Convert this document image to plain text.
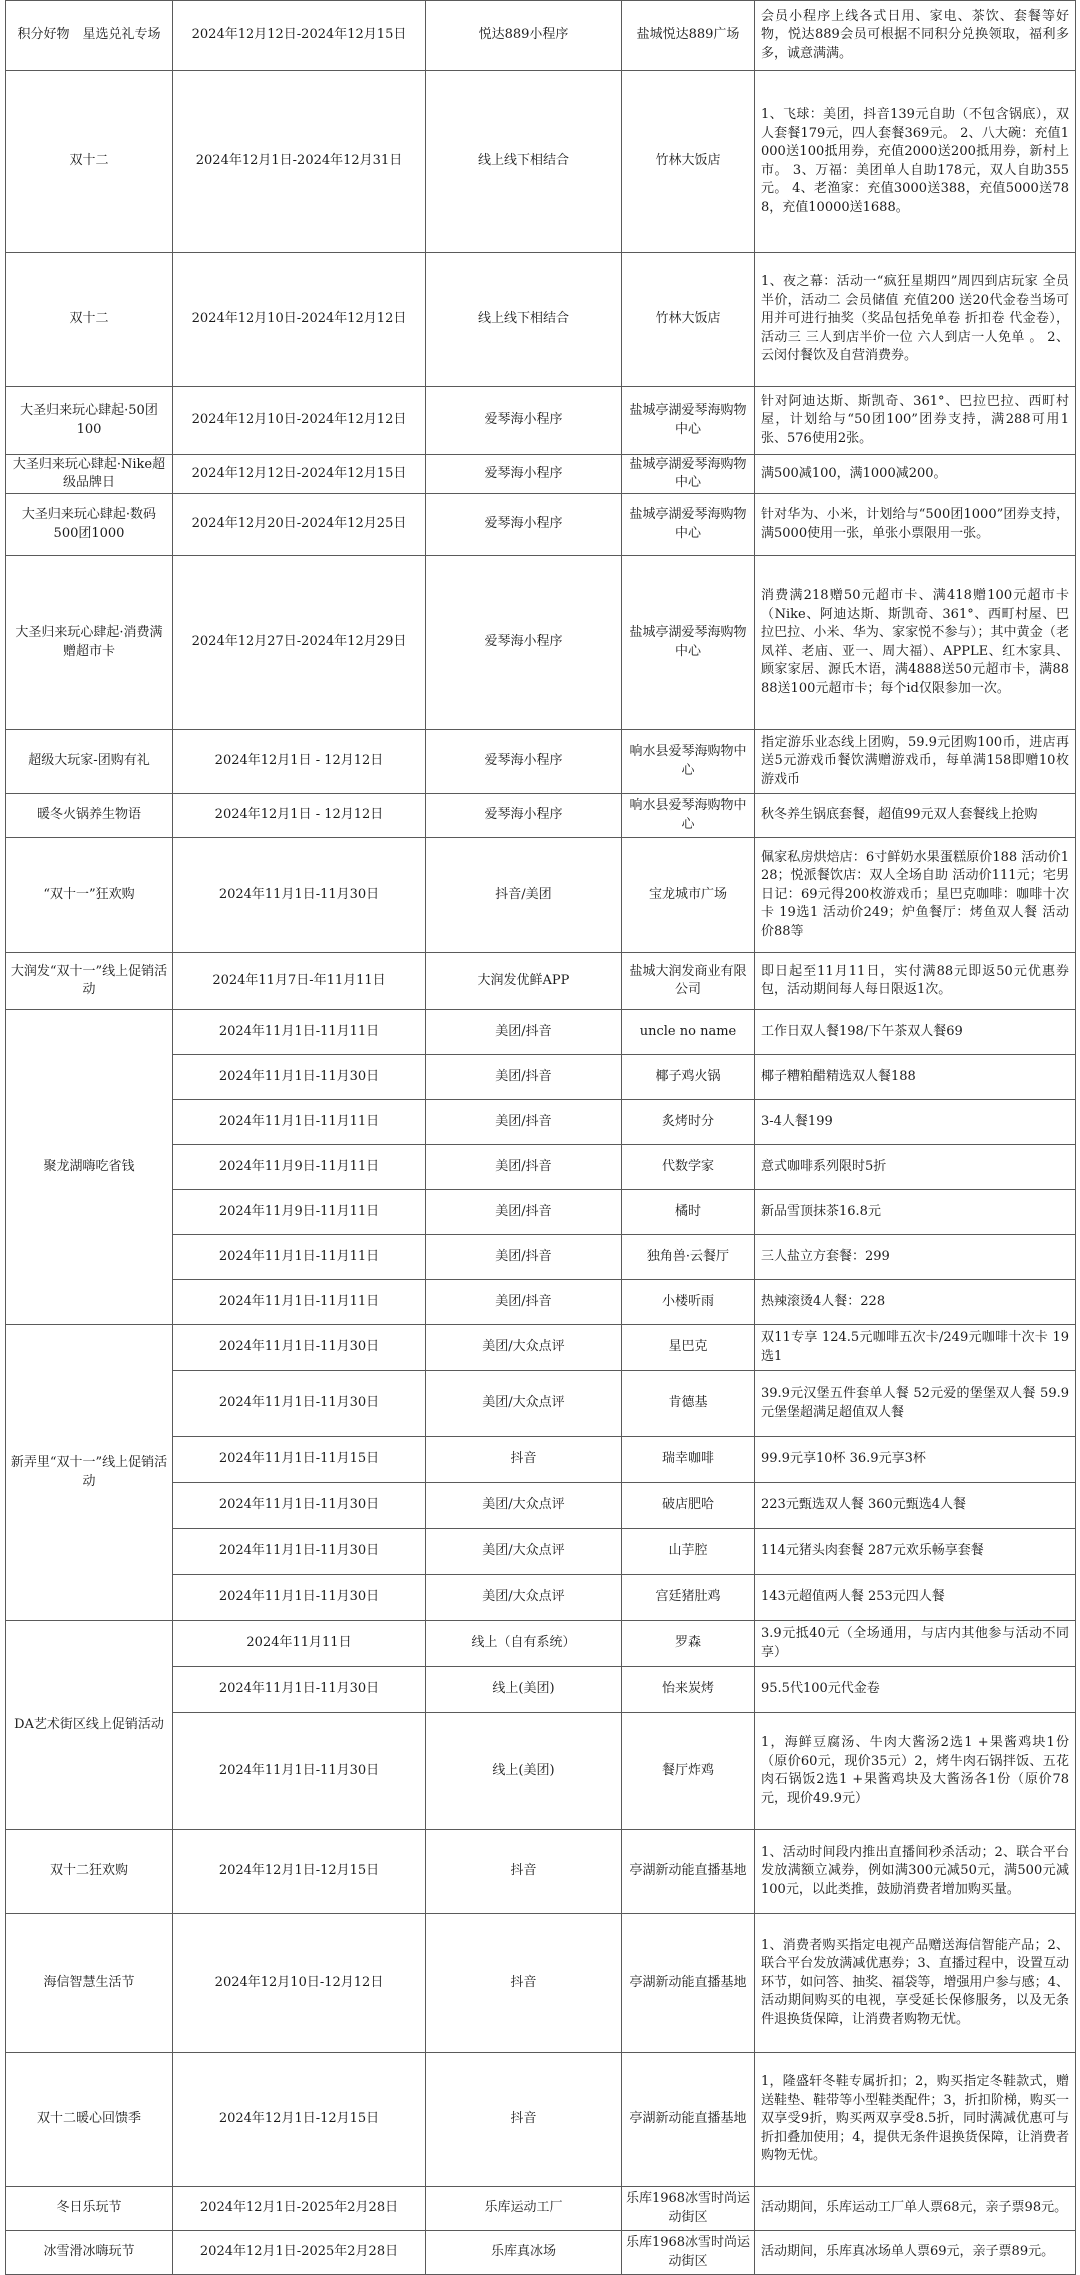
积分好物　星选兑礼专场	2024年12月12日-2024年12月15日	悦达889小程序	盐城悦达889广场	会员小程序上线各式日用、家电、茶饮、套餐等好物，悦达889会员可根据不同积分兑换领取，福利多多，诚意满满。
双十二	2024年12月1日-2024年12月31日	线上线下相结合	竹林大饭店	1、飞球：美团，抖音139元自助（不包含锅底），双人套餐179元，四人套餐369元。 2、八大碗：充值1000送100抵用券，充值2000送200抵用券，新村上市。 3、万福：美团单人自助178元，双人自助355元。 4、老渔家：充值3000送388，充值5000送788，充值10000送1688。
双十二	2024年12月10日-2024年12月12日	线上线下相结合	竹林大饭店	1、夜之幕：活动一“疯狂星期四”周四到店玩家 全员半价，活动二 会员储值 充值200 送20代金卷当场可用并可进行抽奖（奖品包括免单卷 折扣卷 代金卷），活动三 三人到店半价一位 六人到店一人免单 。 2、云闵付餐饮及自营消费券。
大圣归来玩心肆起·50团100	2024年12月10日-2024年12月12日	爱琴海小程序	盐城亭湖爱琴海购物中心	针对阿迪达斯、斯凯奇、361°、巴拉巴拉、西町村屋，计划给与“50团100”团券支持，满288可用1张、576使用2张。
大圣归来玩心肆起·Nike超级品牌日	2024年12月12日-2024年12月15日	爱琴海小程序	盐城亭湖爱琴海购物中心	满500减100，满1000减200。
大圣归来玩心肆起·数码500团1000	2024年12月20日-2024年12月25日	爱琴海小程序	盐城亭湖爱琴海购物中心	针对华为、小米，计划给与“500团1000”团券支持，满5000使用一张，单张小票限用一张。
大圣归来玩心肆起·消费满赠超市卡	2024年12月27日-2024年12月29日	爱琴海小程序	盐城亭湖爱琴海购物中心	消费满218赠50元超市卡、满418赠100元超市卡（Nike、阿迪达斯、斯凯奇、361°、西町村屋、巴拉巴拉、小米、华为、家家悦不参与）；其中黄金（老凤祥、老庙、亚一、周大福）、APPLE、红木家具、顾家家居、源氏木语，满4888送50元超市卡，满8888送100元超市卡；每个id仅限参加一次。
超级大玩家-团购有礼	2024年12月1日 - 12月12日	爱琴海小程序	响水县爱琴海购物中心	指定游乐业态线上团购，59.9元团购100币，进店再送5元游戏币餐饮满赠游戏币，每单满158即赠10枚游戏币
暖冬火锅养生物语	2024年12月1日 - 12月12日	爱琴海小程序	响水县爱琴海购物中心	秋冬养生锅底套餐，超值99元双人套餐线上抢购
“双十一”狂欢购	2024年11月1日-11月30日	抖音/美团	宝龙城市广场	佩家私房烘焙店：6寸鲜奶水果蛋糕原价188 活动价128；悦派餐饮店：双人全场自助 活动价111元；宅男日记：69元得200枚游戏币；星巴克咖啡：咖啡十次卡 19选1 活动价249；炉鱼餐厅：烤鱼双人餐 活动价88等
大润发“双十一”线上促销活动	2024年11月7日-年11月11日	大润发优鲜APP	盐城大润发商业有限公司	即日起至11月11日，实付满88元即返50元优惠券包，活动期间每人每日限返1次。
聚龙湖嗨吃省钱	2024年11月1日-11月11日	美团/抖音	uncle no name	工作日双人餐198/下午茶双人餐69
	2024年11月1日-11月30日	美团/抖音	椰子鸡火锅	椰子糟粕醋精选双人餐188
	2024年11月1日-11月11日	美团/抖音	炙烤时分	3-4人餐199
	2024年11月9日-11月11日	美团/抖音	代数学家	意式咖啡系列限时5折
	2024年11月9日-11月11日	美团/抖音	橘时	新品雪顶抹茶16.8元
	2024年11月1日-11月11日	美团/抖音	独角兽·云餐厅	三人盐立方套餐：299
	2024年11月1日-11月11日	美团/抖音	小楼听雨	热辣滚烫4人餐：228
新弄里“双十一”线上促销活动	2024年11月1日-11月30日	美团/大众点评	星巴克	双11专享 124.5元咖啡五次卡/249元咖啡十次卡 19选1
	2024年11月1日-11月30日	美团/大众点评	肯德基	39.9元汉堡五件套单人餐 52元爱的堡堡双人餐 59.9元堡堡超满足超值双人餐
	2024年11月1日-11月15日	抖音	瑞幸咖啡	99.9元享10杯 36.9元享3杯
	2024年11月1日-11月30日	美团/大众点评	破店肥哈	223元甄选双人餐 360元甄选4人餐
	2024年11月1日-11月30日	美团/大众点评	山芋腔	114元猪头肉套餐 287元欢乐畅享套餐
	2024年11月1日-11月30日	美团/大众点评	宫廷猪肚鸡	143元超值两人餐 253元四人餐
DA艺术街区线上促销活动	2024年11月11日	线上（自有系统）	罗森	3.9元抵40元（全场通用，与店内其他参与活动不同享）
	2024年11月1日-11月30日	线上(美团)	怡来炭烤	95.5代100元代金卷
	2024年11月1日-11月30日	线上(美团)	餐厅炸鸡	1，海鲜豆腐汤、牛肉大酱汤2选1 +果酱鸡块1份（原价60元，现价35元）2，烤牛肉石锅拌饭、五花肉石锅饭2选1 +果酱鸡块及大酱汤各1份（原价78元，现价49.9元）
双十二狂欢购	2024年12月1日-12月15日	抖音	亭湖新动能直播基地	1、活动时间段内推出直播间秒杀活动；2、联合平台发放满额立减券，例如满300元减50元，满500元减100元，以此类推，鼓励消费者增加购买量。
海信智慧生活节	2024年12月10日-12月12日	抖音	亭湖新动能直播基地	1、消费者购买指定电视产品赠送海信智能产品；2、联合平台发放满减优惠券；3、直播过程中，设置互动环节，如问答、抽奖、福袋等，增强用户参与感；4、活动期间购买的电视，享受延长保修服务，以及无条件退换货保障，让消费者购物无忧。
双十二暖心回馈季	2024年12月1日-12月15日	抖音	亭湖新动能直播基地	1，隆盛轩冬鞋专属折扣；2，购买指定冬鞋款式，赠送鞋垫、鞋带等小型鞋类配件；3，折扣阶梯，购买一双享受9折，购买两双享受8.5折，同时满减优惠可与折扣叠加使用；4，提供无条件退换货保障，让消费者购物无忧。
冬日乐玩节	2024年12月1日-2025年2月28日	乐库运动工厂	乐库1968冰雪时尚运动街区	活动期间，乐库运动工厂单人票68元，亲子票98元。
冰雪滑冰嗨玩节	2024年12月1日-2025年2月28日	乐库真冰场	乐库1968冰雪时尚运动街区	活动期间，乐库真冰场单人票69元，亲子票89元。
